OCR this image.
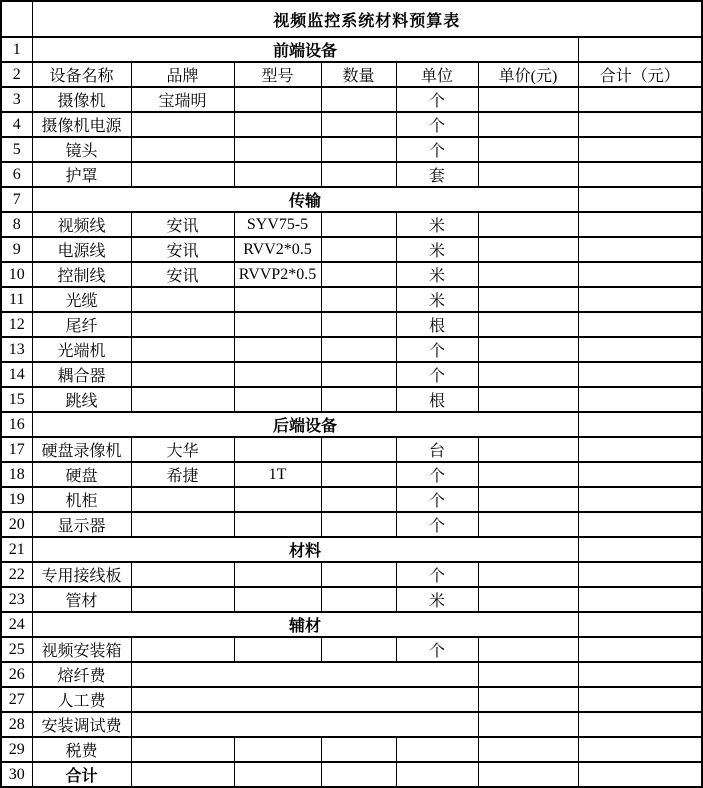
	视频监控系统材料预算表						
1	前端设备						
2	设备名称	品牌	型号	数量	单位	单价(元)	合计（元）
3	摄像机	宝瑞明			个		
4	摄像机电源				个		
5	镜头				个		
6	护罩				套		
7	传输						
8	视频线	安讯	SYV75-5		米		
9	电源线	安讯	RVV2*0.5		米		
10	控制线	安讯	RVVP2*0.5		米		
11	光缆				米		
12	尾纤				根		
13	光端机				个		
14	耦合器				个		
15	跳线				根		
16	后端设备						
17	硬盘录像机	大华			台		
18	硬盘	希捷	1T		个		
19	机柜				个		
20	显示器				个		
21	材料						
22	专用接线板				个		
23	管材				米		
24	辅材						
25	视频安装箱				个		
26	熔纤费						
27	人工费						
28	安装调试费						
29	税费						
30	合计						
